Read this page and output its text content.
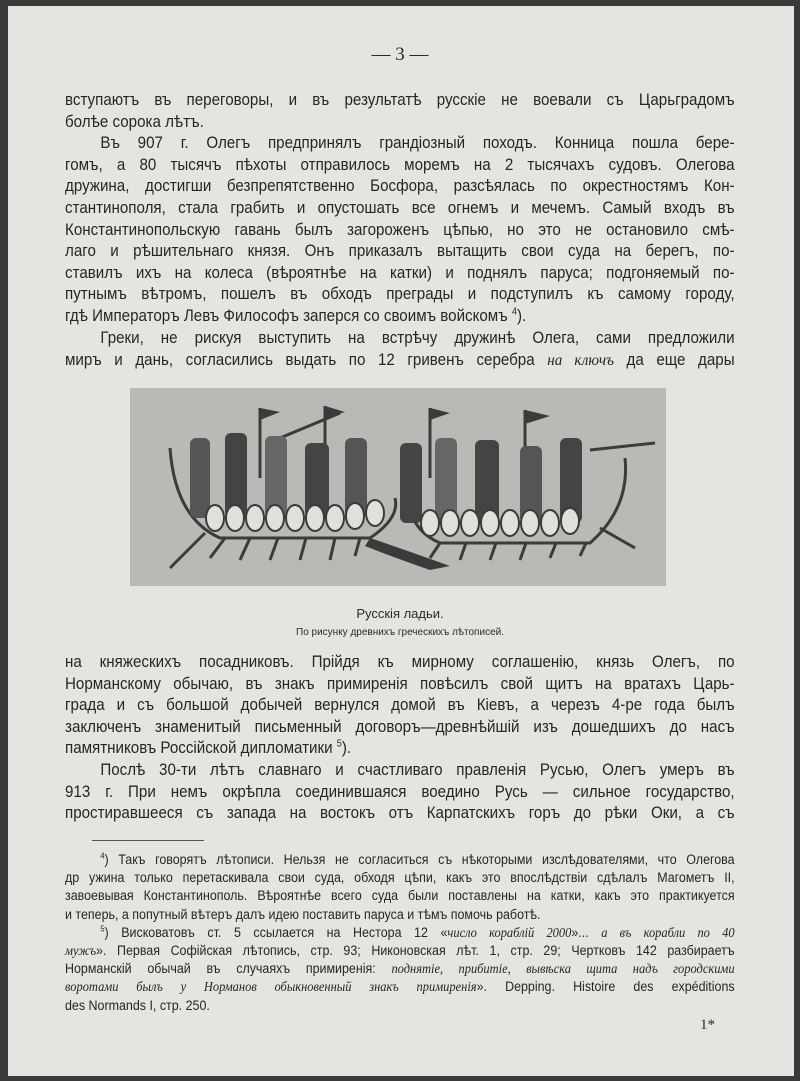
— 3 —
вступаютъ въ переговоры, и въ результатѣ русскіе не воевали съ Царьградомъ
болѣе сорока лѣтъ.
Въ 907 г. Олегъ предпринялъ грандіозный походъ. Конница пошла бере-
гомъ, а 80 тысячъ пѣхоты отправилось моремъ на 2 тысячахъ судовъ. Олегова
дружина, достигши безпрепятственно Босфора, разсѣялась по окрестностямъ Кон-
стантинополя, стала грабить и опустошать все огнемъ и мечемъ. Самый входъ въ
Константинопольскую гавань былъ загороженъ цѣпью, но это не остановило смѣ-
лаго и рѣшительнаго князя. Онъ приказалъ вытащить свои суда на берегъ, по-
ставилъ ихъ на колеса (вѣроятнѣе на катки) и поднялъ паруса; подгоняемый по-
путнымъ вѣтромъ, пошелъ въ обходъ преграды и подступилъ къ самому городу,
гдѣ Императоръ Левъ Философъ заперся со своимъ войскомъ $^4$).
Греки, не рискуя выступить на встрѣчу дружинѣ Олега, сами предложили
миръ и дань, согласились выдать по 12 гривенъ серебра на ключъ да еще дары
Русскія ладьи.
По рисунку древнихъ греческихъ лѣтописей.
на княжескихъ посадниковъ. Прійдя къ мирному соглашенію, князь Олегъ, по
Норманскому обычаю, въ знакъ примиренія повѣсилъ свой щитъ на вратахъ Царь-
града и съ большой добычей вернулся домой въ Кіевъ, а черезъ 4-ре года былъ
заключенъ знаменитый письменный договоръ—древнѣйшій изъ дошедшихъ до насъ
памятниковъ Россійской дипломатики $^5$).
Послѣ 30-ти лѣтъ славнаго и счастливаго правленія Русью, Олегъ умеръ въ
913 г. При немъ окрѣпла соединившаяся воедино Русь — сильное государство,
простиравшееся съ запада на востокъ отъ Карпатскихъ горъ до рѣки Оки, а съ
$^4$) Такъ говорятъ лѣтописи. Нельзя не согласиться съ нѣкоторыми изслѣдователями, что Олегова
др ужина только перетаскивала свои суда, обходя цѣпи, какъ это впослѣдствіи сдѣлалъ Магометъ II,
завоевывая Константинополь. Вѣроятнѣе всего суда были поставлены на катки, какъ это практикуется
и теперь, а попутный вѣтеръ далъ идею поставить паруса и тѣмъ помочь работѣ.
$^5$) Висковатовъ ст. 5 ссылается на Нестора 12 «число кораблій 2000»... а въ корабли по 40
мужъ». Первая Софійская лѣтопись, стр. 93; Никоновская лѣт. 1, стр. 29; Чертковъ 142 разбираетъ
Норманскій обычай въ случаяхъ примиренія: поднятіе, прибитіе, вывѣска щита надъ городскими
воротами былъ у Норманов обыкновенный знакъ примиренія». Depping. Histoire des expéditions
des Normands I, стр. 250.
1*
